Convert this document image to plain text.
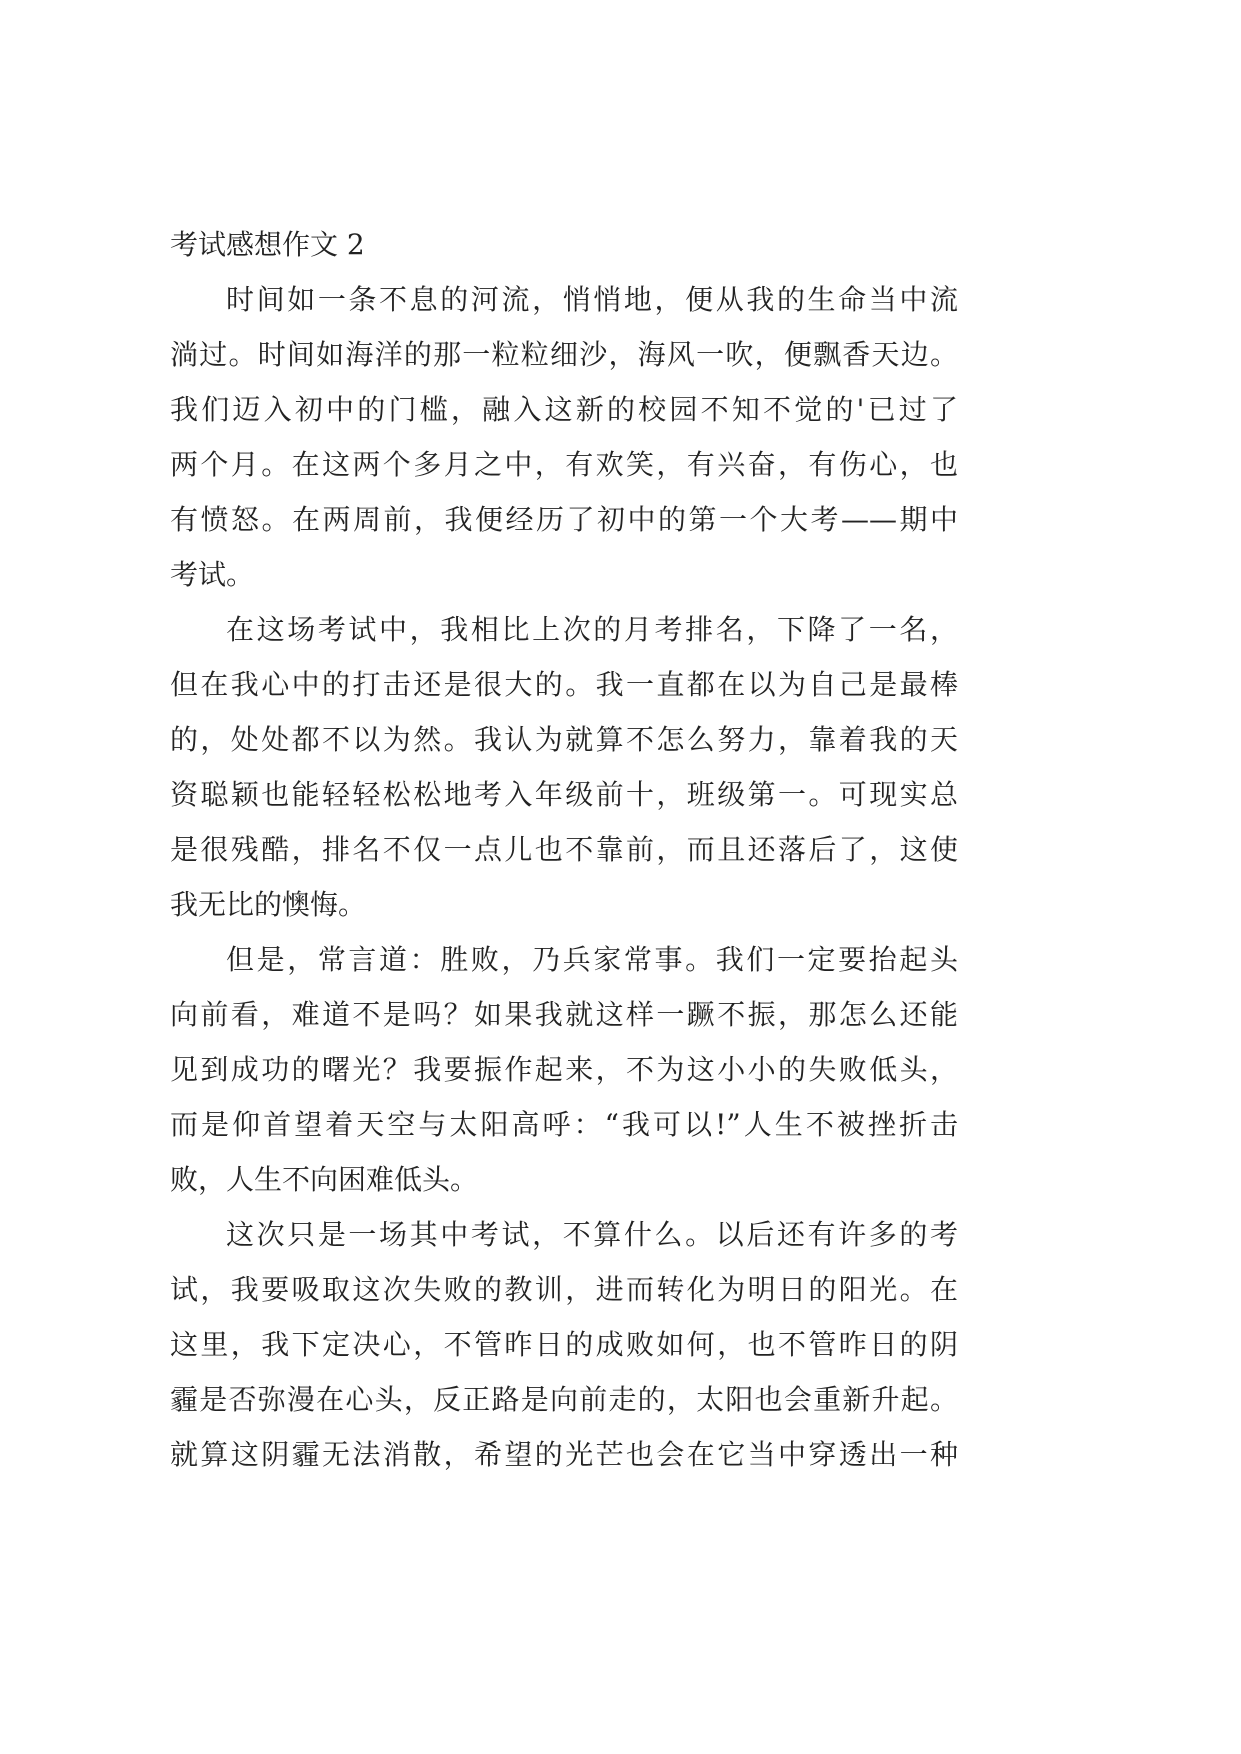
考试感想作文 2
时间如一条不息的河流，悄悄地，便从我的生命当中流
淌过。时间如海洋的那一粒粒细沙，海风一吹，便飘香天边。
我们迈入初中的门槛，融入这新的校园不知不觉的'已过了
两个月。在这两个多月之中，有欢笑，有兴奋，有伤心，也
有愤怒。在两周前，我便经历了初中的第一个大考——期中
考试。
在这场考试中，我相比上次的月考排名，下降了一名，
但在我心中的打击还是很大的。我一直都在以为自己是最棒
的，处处都不以为然。我认为就算不怎么努力，靠着我的天
资聪颖也能轻轻松松地考入年级前十，班级第一。可现实总
是很残酷，排名不仅一点儿也不靠前，而且还落后了，这使
我无比的懊悔。
但是，常言道：胜败，乃兵家常事。我们一定要抬起头
向前看，难道不是吗？如果我就这样一蹶不振，那怎么还能
见到成功的曙光？我要振作起来，不为这小小的失败低头，
而是仰首望着天空与太阳高呼：“我可以!”人生不被挫折击
败，人生不向困难低头。
这次只是一场其中考试，不算什么。以后还有许多的考
试，我要吸取这次失败的教训，进而转化为明日的阳光。在
这里，我下定决心，不管昨日的成败如何，也不管昨日的阴
霾是否弥漫在心头，反正路是向前走的，太阳也会重新升起。
就算这阴霾无法消散，希望的光芒也会在它当中穿透出一种
